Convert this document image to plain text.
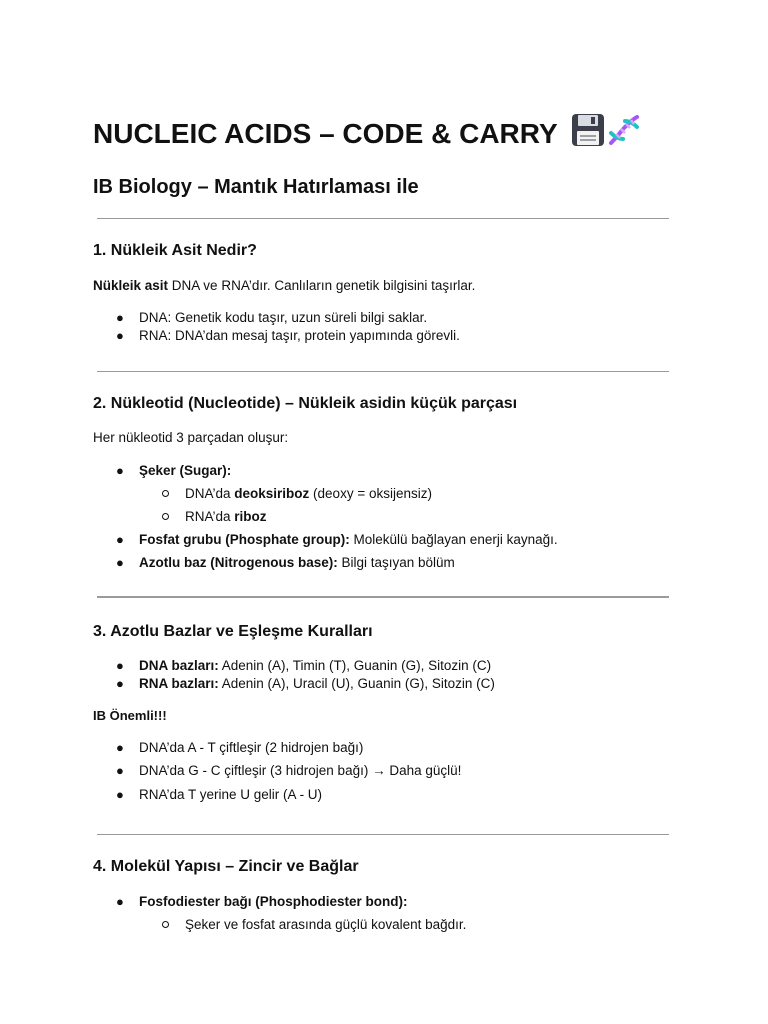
NUCLEIC ACIDS – CODE & CARRY
IB Biology – Mantık Hatırlaması ile
1. Nükleik Asit Nedir?
Nükleik asit DNA ve RNA’dır. Canlıların genetik bilgisini taşırlar.
● DNA: Genetik kodu taşır, uzun süreli bilgi saklar.
● RNA: DNA’dan mesaj taşır, protein yapımında görevli.
2. Nükleotid (Nucleotide) – Nükleik asidin küçük parçası
Her nükleotid 3 parçadan oluşur:
● Şeker (Sugar):
DNA’da deoksiriboz (deoxy = oksijensiz)
RNA’da riboz
● Fosfat grubu (Phosphate group): Molekülü bağlayan enerji kaynağı.
● Azotlu baz (Nitrogenous base): Bilgi taşıyan bölüm
3. Azotlu Bazlar ve Eşleşme Kuralları
● DNA bazları: Adenin (A), Timin (T), Guanin (G), Sitozin (C)
● RNA bazları: Adenin (A), Uracil (U), Guanin (G), Sitozin (C)
IB Önemli!!!
● DNA’da A - T çiftleşir (2 hidrojen bağı)
● DNA’da G - C çiftleşir (3 hidrojen bağı) → Daha güçlü!
● RNA’da T yerine U gelir (A - U)
4. Molekül Yapısı – Zincir ve Bağlar
● Fosfodiester bağı (Phosphodiester bond):
Şeker ve fosfat arasında güçlü kovalent bağdır.
